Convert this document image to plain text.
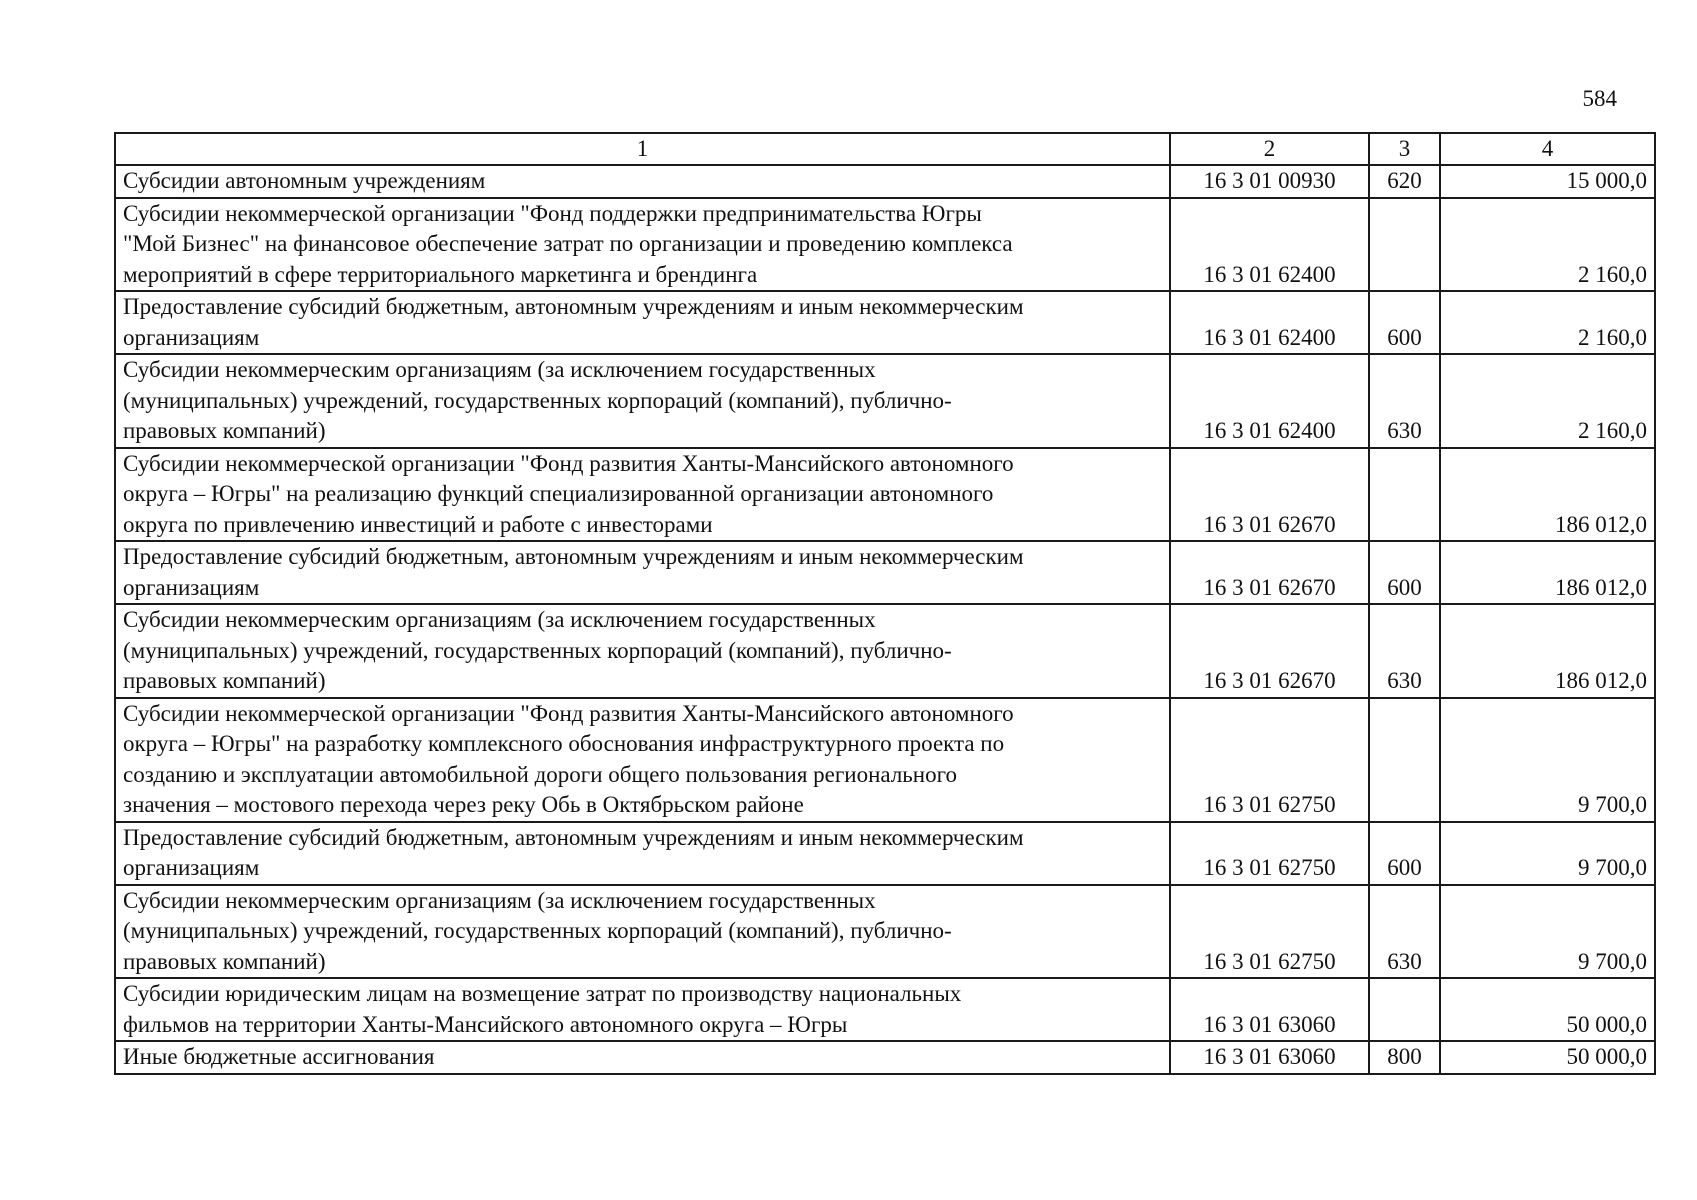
584
1	2	3	4
Субсидии автономным учреждениям	16 3 01 00930	620	15 000,0
Субсидии некоммерческой организации "Фонд поддержки предпринимательства Югры
"Мой Бизнес" на финансовое обеспечение затрат по организации и проведению комплекса
мероприятий в сфере территориального маркетинга и брендинга	16 3 01 62400		2 160,0
Предоставление субсидий бюджетным, автономным учреждениям и иным некоммерческим
организациям	16 3 01 62400	600	2 160,0
Субсидии некоммерческим организациям (за исключением государственных
(муниципальных) учреждений, государственных корпораций (компаний), публично-
правовых компаний)	16 3 01 62400	630	2 160,0
Субсидии некоммерческой организации "Фонд развития Ханты-Мансийского автономного
округа – Югры" на реализацию функций специализированной организации автономного
округа по привлечению инвестиций и работе с инвесторами	16 3 01 62670		186 012,0
Предоставление субсидий бюджетным, автономным учреждениям и иным некоммерческим
организациям	16 3 01 62670	600	186 012,0
Субсидии некоммерческим организациям (за исключением государственных
(муниципальных) учреждений, государственных корпораций (компаний), публично-
правовых компаний)	16 3 01 62670	630	186 012,0
Субсидии некоммерческой организации "Фонд развития Ханты-Мансийского автономного
округа – Югры" на разработку комплексного обоснования инфраструктурного проекта по
созданию и эксплуатации автомобильной дороги общего пользования регионального
значения – мостового перехода через реку Обь в Октябрьском районе	16 3 01 62750		9 700,0
Предоставление субсидий бюджетным, автономным учреждениям и иным некоммерческим
организациям	16 3 01 62750	600	9 700,0
Субсидии некоммерческим организациям (за исключением государственных
(муниципальных) учреждений, государственных корпораций (компаний), публично-
правовых компаний)	16 3 01 62750	630	9 700,0
Субсидии юридическим лицам на возмещение затрат по производству национальных
фильмов на территории Ханты-Мансийского автономного округа – Югры	16 3 01 63060		50 000,0
Иные бюджетные ассигнования	16 3 01 63060	800	50 000,0
